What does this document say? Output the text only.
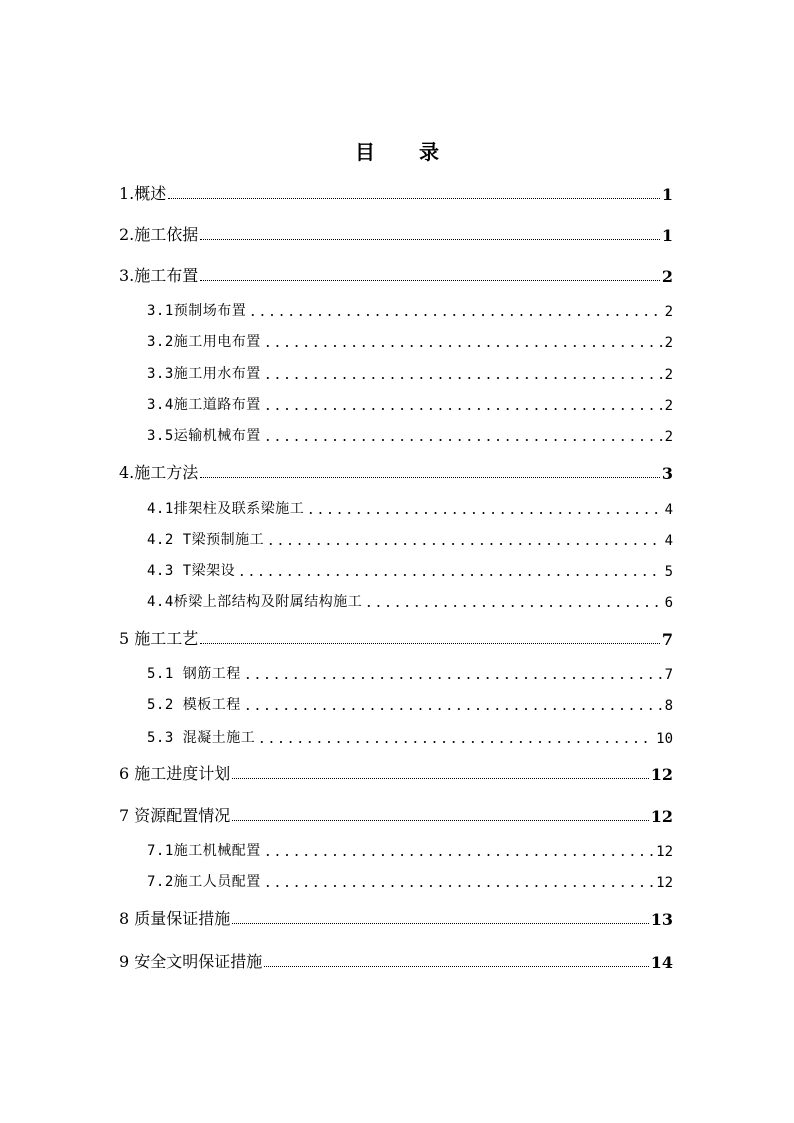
目 录
1.概述	1
2.施工依据	1
3.施工布置	2
3.1预制场布置	2
3.2施工用电布置	2
3.3施工用水布置	2
3.4施工道路布置	2
3.5运输机械布置	2
4.施工方法	3
4.1排架柱及联系梁施工	4
4.2 T梁预制施工	4
4.3 T梁架设	5
4.4桥梁上部结构及附属结构施工	6
5 施工工艺	7
5.1 钢筋工程	7
5.2 模板工程	8
5.3 混凝土施工	10
6 施工进度计划	12
7 资源配置情况	12
7.1施工机械配置	12
7.2施工人员配置	12
8 质量保证措施	13
9 安全文明保证措施	14
